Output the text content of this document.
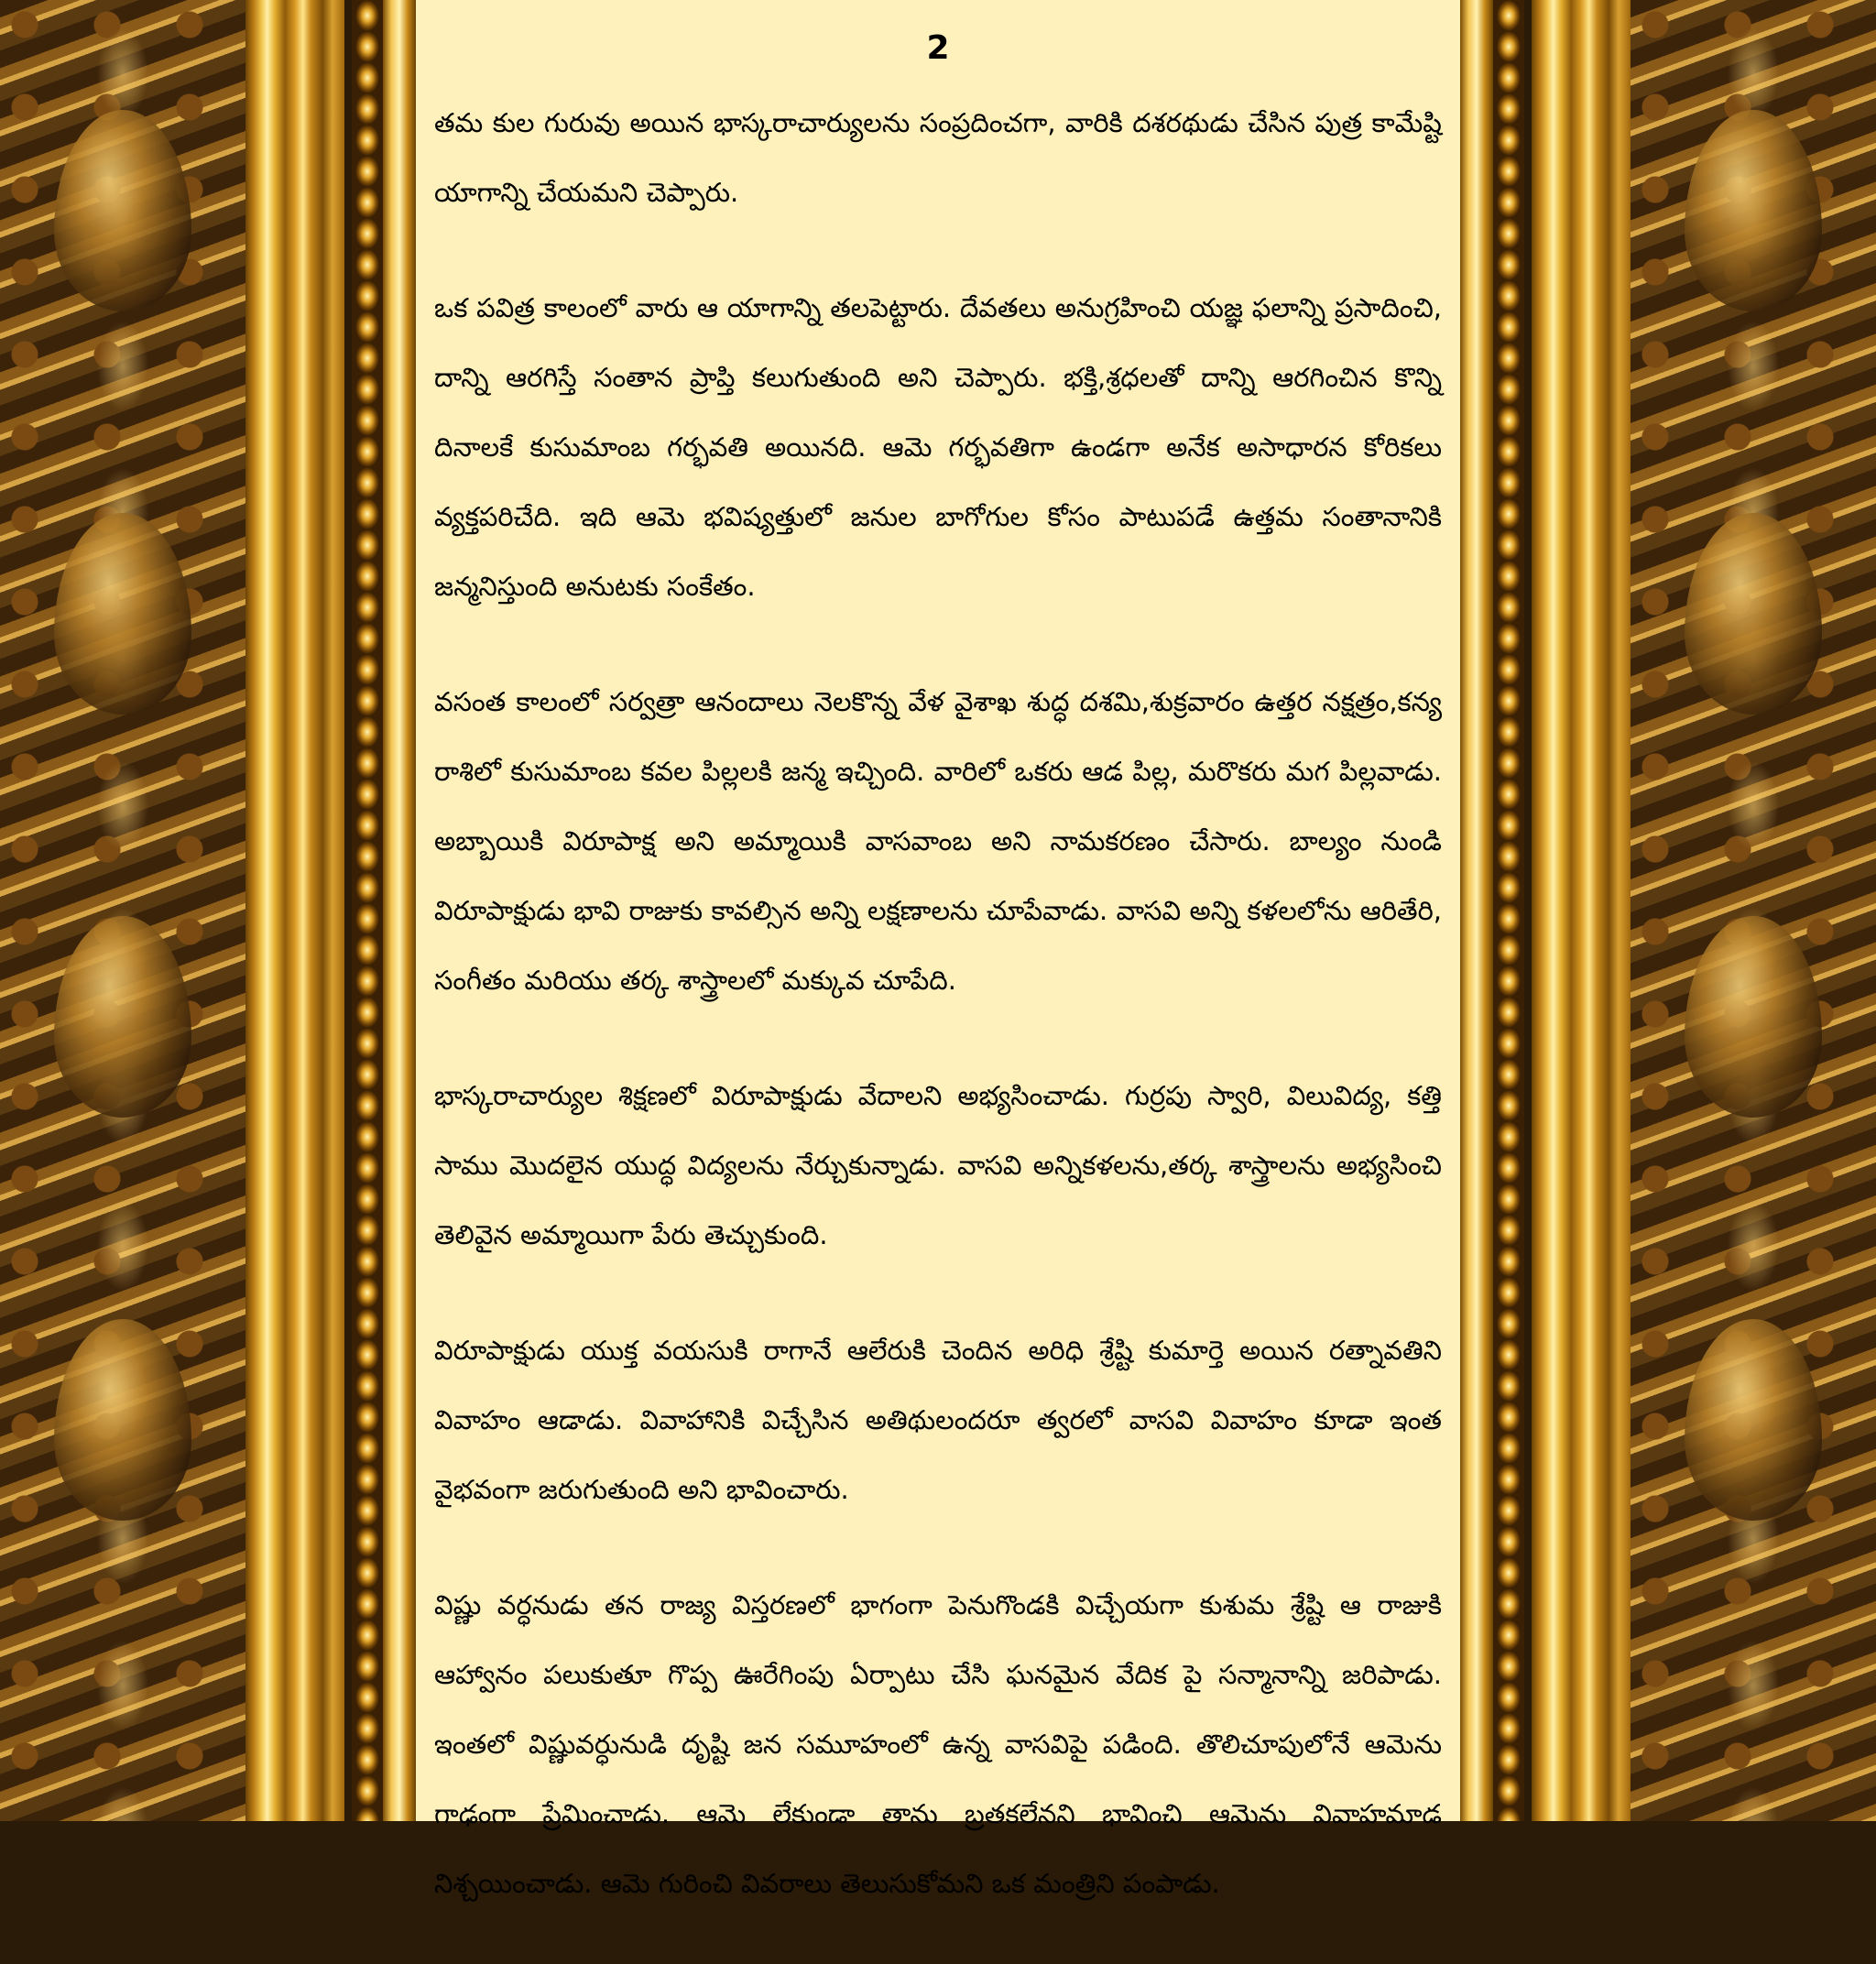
2

తమ కుల గురువు అయిన భాస్కరాచార్యులను సంప్రదించగా, వారికి దశరథుడు చేసిన పుత్ర కామేష్టి యాగాన్ని చేయమని చెప్పారు.

ఒక పవిత్ర కాలంలో వారు ఆ యాగాన్ని తలపెట్టారు. దేవతలు అనుగ్రహించి యజ్ఞ ఫలాన్ని ప్రసాదించి, దాన్ని ఆరగిస్తే సంతాన ప్రాప్తి కలుగుతుంది అని చెప్పారు. భక్తి,శ్రధలతో దాన్ని ఆరగించిన కొన్ని దినాలకే కుసుమాంబ గర్భవతి అయినది. ఆమె గర్భవతిగా ఉండగా అనేక అసాధారన కోరికలు వ్యక్తపరిచేది. ఇది ఆమె భవిష్యత్తులో జనుల బాగోగుల కోసం పాటుపడే ఉత్తమ సంతానానికి జన్మనిస్తుంది అనుటకు సంకేతం.

వసంత కాలంలో సర్వత్రా ఆనందాలు నెలకొన్న వేళ వైశాఖ శుద్ధ దశమి,శుక్రవారం ఉత్తర నక్షత్రం,కన్య రాశిలో కుసుమాంబ కవల పిల్లలకి జన్మ ఇచ్చింది. వారిలో ఒకరు ఆడ పిల్ల, మరొకరు మగ పిల్లవాడు. అబ్బాయికి విరూపాక్ష అని అమ్మాయికి వాసవాంబ అని నామకరణం చేసారు. బాల్యం నుండి విరూపాక్షుడు భావి రాజుకు కావల్సిన అన్ని లక్షణాలను చూపేవాడు. వాసవి అన్ని కళలలోను ఆరితేరి, సంగీతం మరియు తర్క శాస్త్రాలలో మక్కువ చూపేది.

భాస్కరాచార్యుల శిక్షణలో విరూపాక్షుడు వేదాలని అభ్యసించాడు. గుర్రపు స్వారి, విలువిద్య, కత్తి సాము మొదలైన యుద్ధ విద్యలను నేర్చుకున్నాడు. వాసవి అన్నికళలను,తర్క శాస్త్రాలను అభ్యసించి తెలివైన అమ్మాయిగా పేరు తెచ్చుకుంది.

విరూపాక్షుడు యుక్త వయసుకి రాగానే ఆలేరుకి చెందిన అరిధి శ్రేష్టి కుమార్తె అయిన రత్నావతిని వివాహం ఆడాడు. వివాహానికి విచ్చేసిన అతిథులందరూ త్వరలో వాసవి వివాహం కూడా ఇంత వైభవంగా జరుగుతుంది అని భావించారు.

విష్ణు వర్ధనుడు తన రాజ్య విస్తరణలో భాగంగా పెనుగొండకి విచ్చేయగా కుశుమ శ్రేష్టి ఆ రాజుకి ఆహ్వానం పలుకుతూ గొప్ప ఊరేగింపు ఏర్పాటు చేసి ఘనమైన వేదిక పై సన్మానాన్ని జరిపాడు. ఇంతలో విష్ణువర్ధునుడి దృష్టి జన సమూహంలో ఉన్న వాసవిపై పడింది. తొలిచూపులోనే ఆమెను గాఢంగా ప్రేమించాడు. ఆమె లేకుండా తాను బ్రతకలేనని భావించి ఆమెను వివాహమాడ నిశ్చయించాడు. ఆమె గురించి వివరాలు తెలుసుకోమని ఒక మంత్రిని పంపాడు.
